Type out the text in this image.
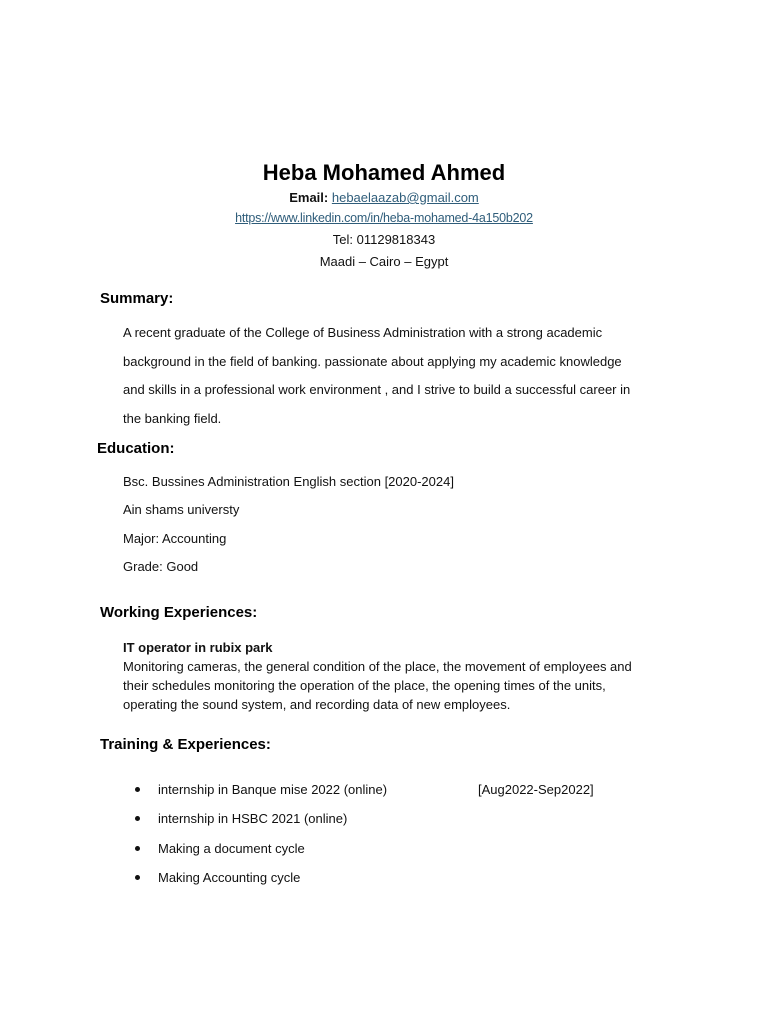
Heba Mohamed Ahmed

Email: hebaelaazab@gmail.com

https://www.linkedin.com/in/heba-mohamed-4a150b202

Tel: 01129818343

Maadi – Cairo – Egypt

Summary:
A recent graduate of the College of Business Administration with a strong academic
background in the field of banking. passionate about applying my academic knowledge
and skills in a professional work environment , and I strive to build a successful career in
the banking field.
Education:
Bsc. Bussines Administration English section [2020-2024]
Ain shams universty
Major: Accounting
Grade: Good
Working Experiences:
IT operator in rubix park
Monitoring cameras, the general condition of the place, the movement of employees and
their schedules monitoring the operation of the place, the opening times of the units,
operating the sound system, and recording data of new employees.
Training & Experiences:
internship in Banque mise 2022 (online)	[Aug2022-Sep2022]
internship in HSBC 2021 (online)
Making a document cycle
Making Accounting cycle
